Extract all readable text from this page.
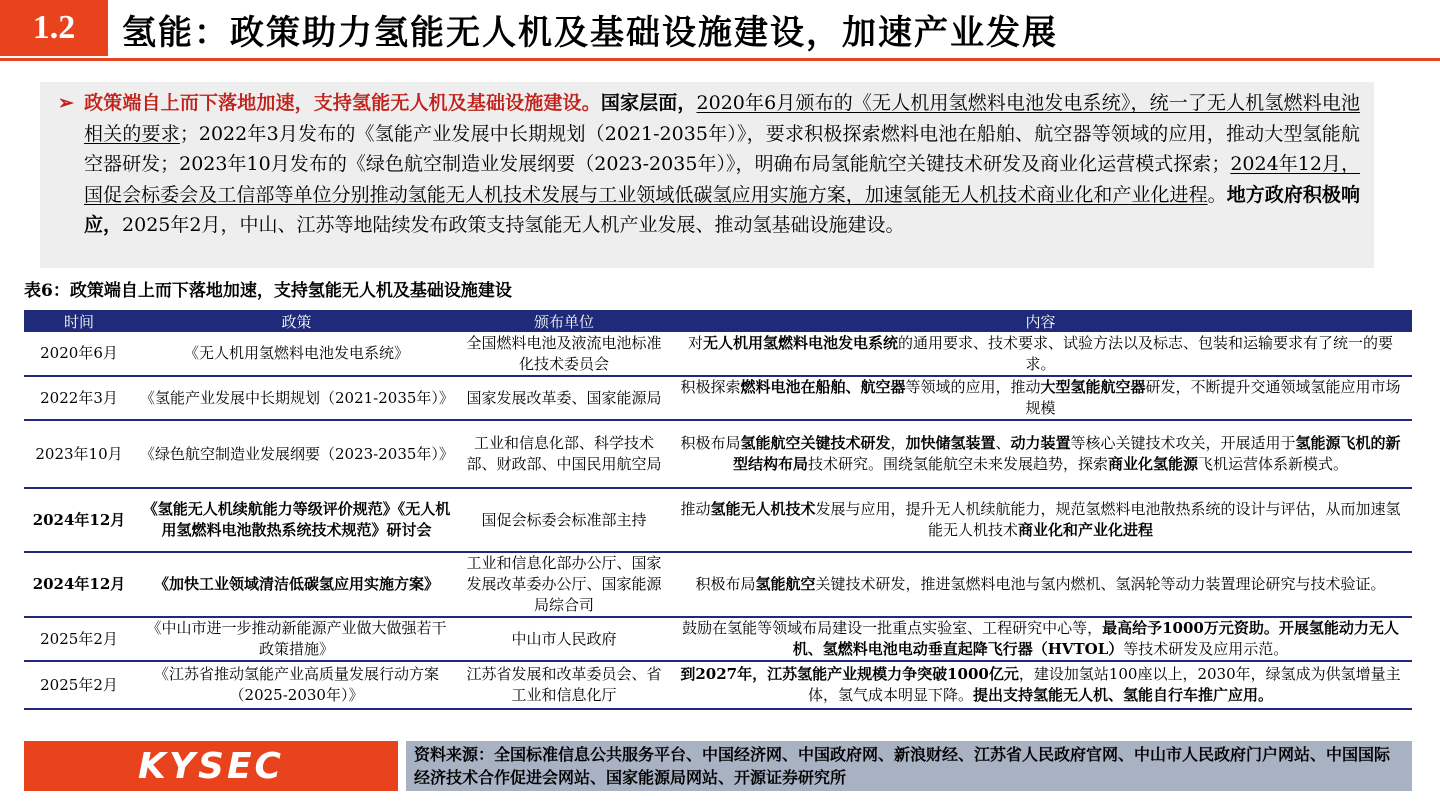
1.2	氢能：政策助力氢能无人机及基础设施建设，加速产业发展

➢ 政策端自上而下落地加速，支持氢能无人机及基础设施建设。国家层面，2020年6月颁布的《无人机用氢燃料电池发电系统》，统一了无人机氢燃料电池相关的要求；2022年3月发布的《氢能产业发展中长期规划（2021-2035年）》，要求积极探索燃料电池在船舶、航空器等领域的应用，推动大型氢能航空器研发；2023年10月发布的《绿色航空制造业发展纲要（2023-2035年）》，明确布局氢能航空关键技术研发及商业化运营模式探索；2024年12月，国促会标委会及工信部等单位分别推动氢能无人机技术发展与工业领域低碳氢应用实施方案，加速氢能无人机技术商业化和产业化进程。地方政府积极响应，2025年2月，中山、江苏等地陆续发布政策支持氢能无人机产业发展、推动氢基础设施建设。

表6：政策端自上而下落地加速，支持氢能无人机及基础设施建设
时间	政策	颁布单位	内容
2020年6月	《无人机用氢燃料电池发电系统》	全国燃料电池及液流电池标准化技术委员会	对无人机用氢燃料电池发电系统的通用要求、技术要求、试验方法以及标志、包装和运输要求有了统一的要求。
2022年3月	《氢能产业发展中长期规划（2021-2035年）》	国家发展改革委、国家能源局	积极探索燃料电池在船舶、航空器等领域的应用，推动大型氢能航空器研发，不断提升交通领域氢能应用市场规模
2023年10月	《绿色航空制造业发展纲要（2023-2035年）》	工业和信息化部、科学技术部、财政部、中国民用航空局	积极布局氢能航空关键技术研发，加快储氢装置、动力装置等核心关键技术攻关，开展适用于氢能源飞机的新型结构布局技术研究。围绕氢能航空未来发展趋势，探索商业化氢能源飞机运营体系新模式。
2024年12月	《氢能无人机续航能力等级评价规范》《无人机用氢燃料电池散热系统技术规范》研讨会	国促会标委会标准部主持	推动氢能无人机技术发展与应用，提升无人机续航能力，规范氢燃料电池散热系统的设计与评估，从而加速氢能无人机技术商业化和产业化进程
2024年12月	《加快工业领域清洁低碳氢应用实施方案》	工业和信息化部办公厅、国家发展改革委办公厅、国家能源局综合司	积极布局氢能航空关键技术研发，推进氢燃料电池与氢内燃机、氢涡轮等动力装置理论研究与技术验证。
2025年2月	《中山市进一步推动新能源产业做大做强若干政策措施》	中山市人民政府	鼓励在氢能等领域布局建设一批重点实验室、工程研究中心等，最高给予1000万元资助。开展氢能动力无人机、氢燃料电池电动垂直起降飞行器（HVTOL）等技术研发及应用示范。
2025年2月	《江苏省推动氢能产业高质量发展行动方案（2025-2030年）》	江苏省发展和改革委员会、省工业和信息化厅	到2027年，江苏氢能产业规模力争突破1000亿元，建设加氢站100座以上，2030年，绿氢成为供氢增量主体，氢气成本明显下降。提出支持氢能无人机、氢能自行车推广应用。
KYSEC	资料来源：全国标准信息公共服务平台、中国经济网、中国政府网、新浪财经、江苏省人民政府官网、中山市人民政府门户网站、中国国际经济技术合作促进会网站、国家能源局网站、开源证券研究所
